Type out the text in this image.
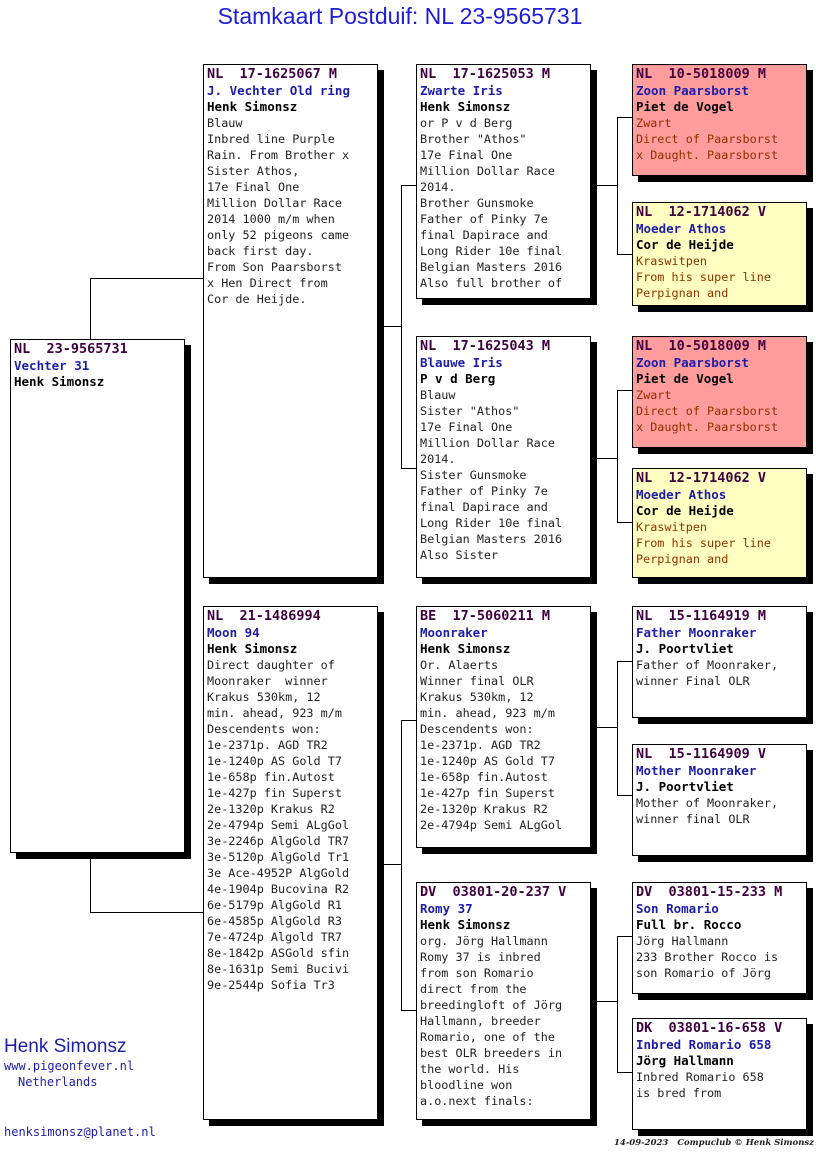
Stamkaart Postduif: NL 23-9565731
NL  23-9565731
Vechter 31
Henk Simonsz
NL  17-1625067 M
J. Vechter Old ring
Henk Simonsz
Blauw
Inbred line Purple
Rain. From Brother x
Sister Athos,
17e Final One
Million Dollar Race
2014 1000 m/m when
only 52 pigeons came
back first day.
From Son Paarsborst
x Hen Direct from
Cor de Heijde.
NL  21-1486994
Moon 94
Henk Simonsz
Direct daughter of
Moonraker  winner
Krakus 530km, 12
min. ahead, 923 m/m
Descendents won:
1e-2371p. AGD TR2
1e-1240p AS Gold T7
1e-658p fin.Autost
1e-427p fin Superst
2e-1320p Krakus R2
2e-4794p Semi ALgGol
3e-2246p AlgGold TR7
3e-5120p AlgGold Tr1
3e Ace-4952P AlgGold
4e-1904p Bucovina R2
6e-5179p AlgGold R1
6e-4585p AlgGold R3
7e-4724p Algold TR7
8e-1842p ASGold sfin
8e-1631p Semi Bucivi
9e-2544p Sofia Tr3
NL  17-1625053 M
Zwarte Iris
Henk Simonsz
or P v d Berg
Brother "Athos"
17e Final One
Million Dollar Race
2014.
Brother Gunsmoke
Father of Pinky 7e
final Dapirace and
Long Rider 10e final
Belgian Masters 2016
Also full brother of
NL  17-1625043 M
Blauwe Iris
P v d Berg
Blauw
Sister "Athos"
17e Final One
Million Dollar Race
2014.
Sister Gunsmoke
Father of Pinky 7e
final Dapirace and
Long Rider 10e final
Belgian Masters 2016
Also Sister
BE  17-5060211 M
Moonraker
Henk Simonsz
Or. Alaerts
Winner final OLR
Krakus 530km, 12
min. ahead, 923 m/m
Descendents won:
1e-2371p. AGD TR2
1e-1240p AS Gold T7
1e-658p fin.Autost
1e-427p fin Superst
2e-1320p Krakus R2
2e-4794p Semi ALgGol
DV  03801-20-237 V
Romy 37
Henk Simonsz
org. Jörg Hallmann
Romy 37 is inbred
from son Romario
direct from the
breedingloft of Jörg
Hallmann, breeder
Romario, one of the
best OLR breeders in
the world. His
bloodline won
a.o.next finals:
NL  10-5018009 M
Zoon Paarsborst
Piet de Vogel
Zwart
Direct of Paarsborst
x Daught. Paarsborst
NL  12-1714062 V
Moeder Athos
Cor de Heijde
Kraswitpen
From his super line
Perpignan and
NL  10-5018009 M
Zoon Paarsborst
Piet de Vogel
Zwart
Direct of Paarsborst
x Daught. Paarsborst
NL  12-1714062 V
Moeder Athos
Cor de Heijde
Kraswitpen
From his super line
Perpignan and
NL  15-1164919 M
Father Moonraker
J. Poortvliet
Father of Moonraker,
winner Final OLR
NL  15-1164909 V
Mother Moonraker
J. Poortvliet
Mother of Moonraker,
winner final OLR
DV  03801-15-233 M
Son Romario
Full br. Rocco
Jörg Hallmann
233 Brother Rocco is
son Romario of Jörg
DK  03801-16-658 V
Inbred Romario 658
Jörg Hallmann
Inbred Romario 658
is bred from
Henk Simonsz
www.pigeonfever.nl
Netherlands
henksimonsz@planet.nl
14-09-2023 Compuclub © Henk Simonsz
